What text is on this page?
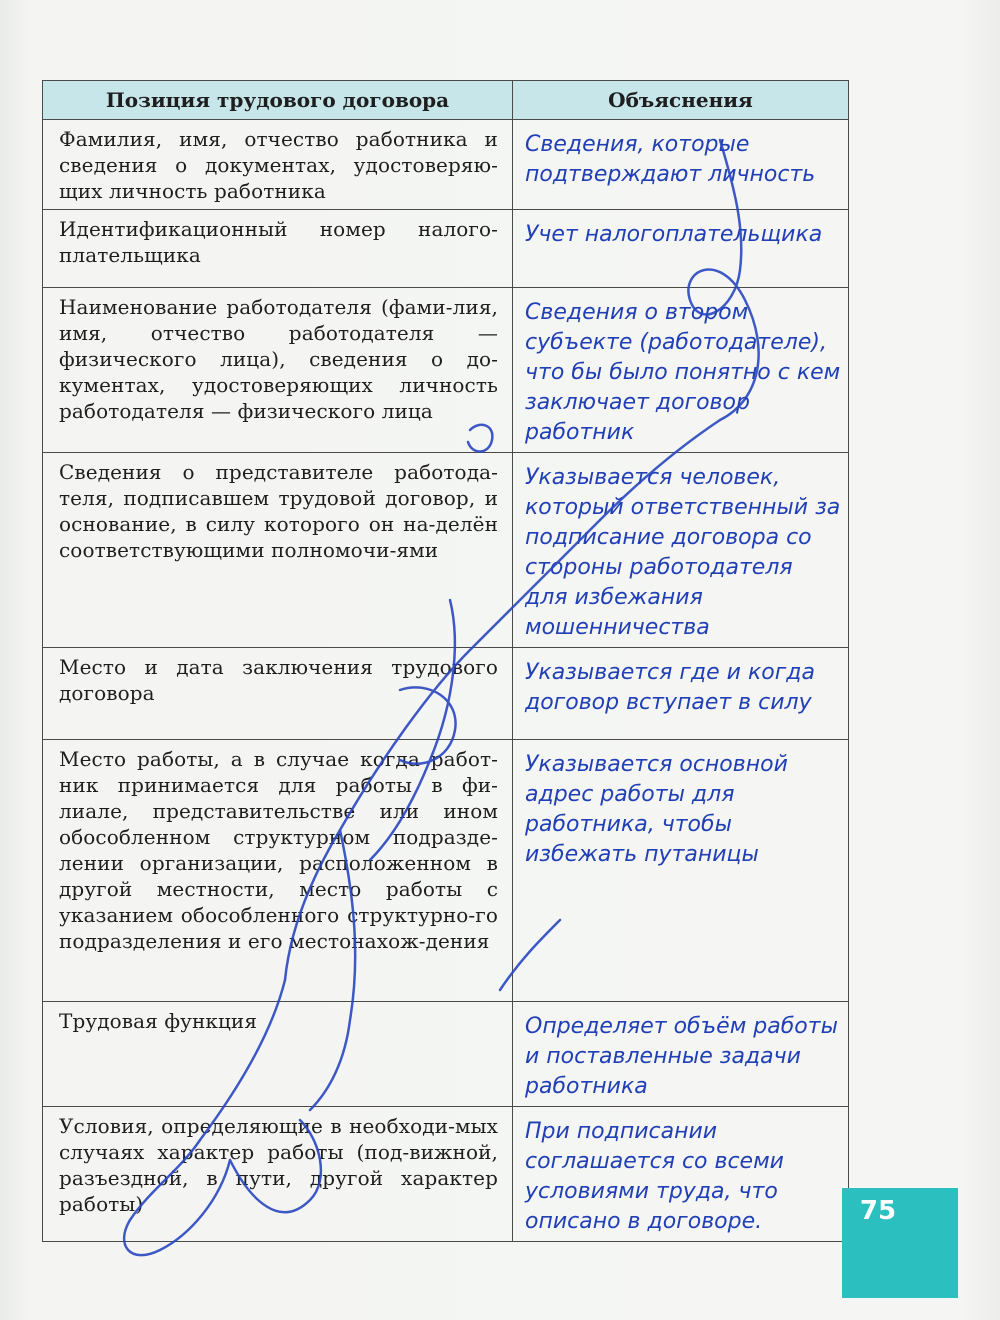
Позиция трудового договора	Объяснения
Фамилия, имя, отчество работника и сведения о документах, удостоверяю-щих личность работника	Сведения, которые подтверждают личность
Идентификационный номер налого-плательщика	Учет налогоплательщика
Наименование работодателя (фами-лия, имя, отчество работодателя — физического лица), сведения о до-кументах, удостоверяющих личность работодателя — физического лица	Сведения о втором субъекте (работодателе), что бы было понятно с кем заключает договор работник
Сведения о представителе работода-теля, подписавшем трудовой договор, и основание, в силу которого он на-делён соответствующими полномочи-ями	Указывается человек, который ответственный за подписание договора со стороны работодателя для избежания мошенничества
Место и дата заключения трудового договора	Указывается где и когда договор вступает в силу
Место работы, а в случае когда работ-ник принимается для работы в фи-лиале, представительстве или ином обособленном структурном подразде-лении организации, расположенном в другой местности, место работы с указанием обособленного структурно-го подразделения и его местонахож-дения	Указывается основной адрес работы для работника, чтобы избежать путаницы
Трудовая функция	Определяет объём работы и поставленные задачи работника
Условия, определяющие в необходи-мых случаях характер работы (под-вижной, разъездной, в пути, другой характер работы)	При подписании соглашается со всеми условиями труда, что описано в договоре.	75
